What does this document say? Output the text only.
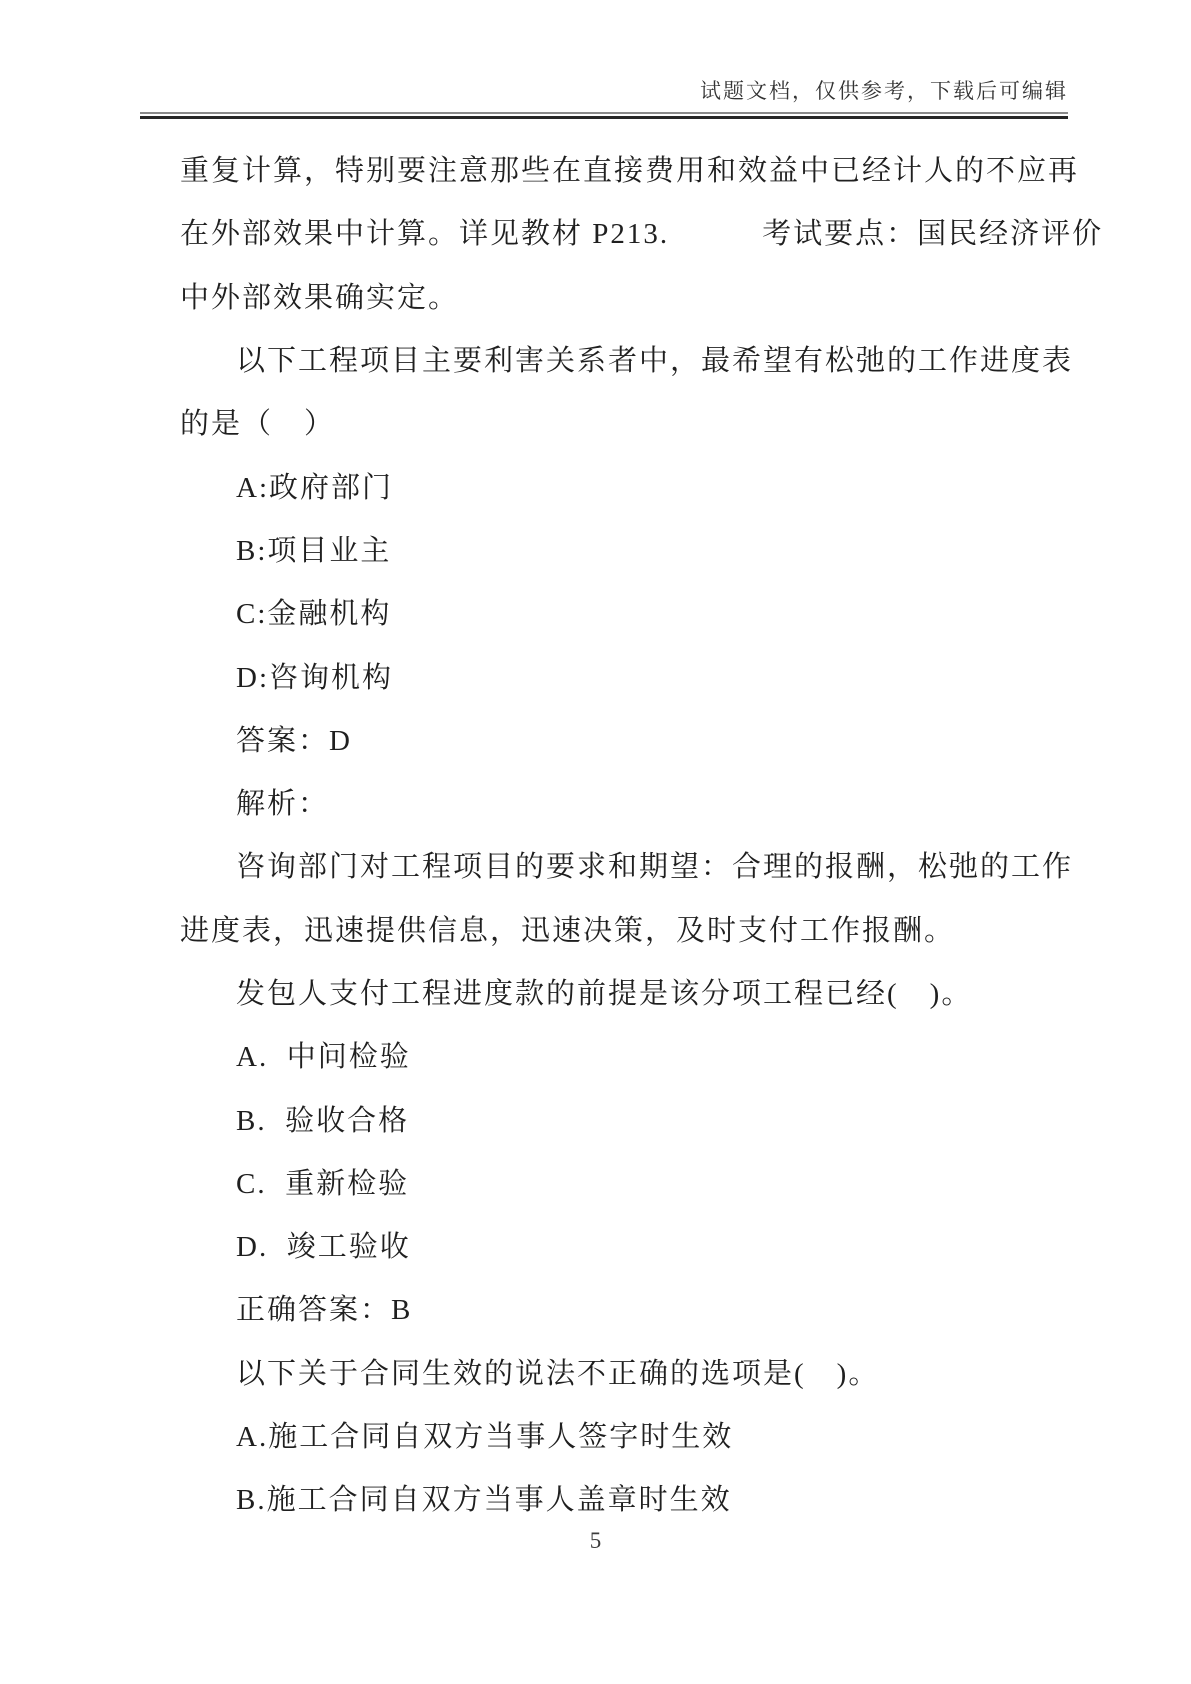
试题文档，仅供参考，下载后可编辑
重复计算，特别要注意那些在直接费用和效益中已经计人的不应再
在外部效果中计算。详见教材 P213.　　　考试要点：国民经济评价
中外部效果确实定。
以下工程项目主要利害关系者中，最希望有松弛的工作进度表
的是（　）
A:政府部门
B:项目业主
C:金融机构
D:咨询机构
答案：D
解析：
咨询部门对工程项目的要求和期望：合理的报酬，松弛的工作
进度表，迅速提供信息，迅速决策，及时支付工作报酬。
发包人支付工程进度款的前提是该分项工程已经(　)。
A.  中问检验
B.  验收合格
C.  重新检验
D.  竣工验收
正确答案：B
以下关于合同生效的说法不正确的选项是(　)。
A.施工合同自双方当事人签字时生效
B.施工合同自双方当事人盖章时生效
5
